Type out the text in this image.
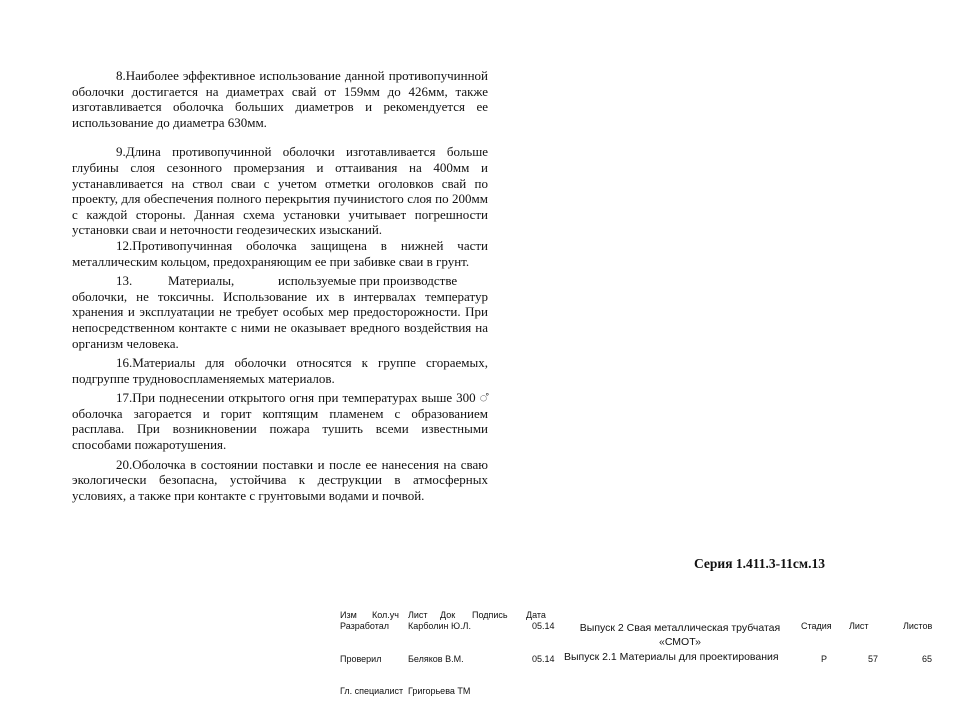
8.Наиболее эффективное использование данной противопучинной оболочки достигается на диаметрах свай от 159мм до 426мм, также изготавливается оболочка больших диаметров и рекомендуется ее использование до диаметра 630мм.

9.Длина противопучинной оболочки изготавливается больше глубины слоя сезонного промерзания и оттаивания на 400мм и устанавливается на ствол сваи с учетом отметки оголовков свай по проекту, для обеспечения полного перекрытия пучинистого слоя по 200мм с каждой стороны. Данная схема установки учитывает погрешности установки сваи и неточности геодезических изысканий.

12.Противопучинная оболочка защищена в нижней части металлическим кольцом, предохраняющим ее при забивке сваи в грунт.

13.	Материалы,	используемые при производстве

оболочки, не токсичны. Использование их в интервалах температур хранения и эксплуатации не требует особых мер предосторожности. При непосредственном контакте с ними не оказывает вредного воздействия на организм человека.

16.Материалы для оболочки относятся к группе сгораемых, подгруппе трудновоспламеняемых материалов.

17.При поднесении открытого огня при температурах выше 300 ◌̊ оболочка загорается и горит коптящим пламенем с образованием расплава. При возникновении пожара тушить всеми известными способами пожаротушения.

20.Оболочка в состоянии поставки и после ее нанесения на сваю экологически безопасна, устойчива к деструкции в атмосферных условиях, а также при контакте с грунтовыми водами и почвой.

Серия 1.411.3-11см.13
Изм Кол.уч Лист Док Подпись Дата
Разработал Карболин Ю.Л.	05.14
Проверил	Беляков В.М.	05.14
Гл. специалист Григорьева ТМ
Выпуск 2 Свая металлическая трубчатая «СМОТ»
Выпуск 2.1 Материалы для проектирования
Стадия Лист	Листов
Р	57	65
